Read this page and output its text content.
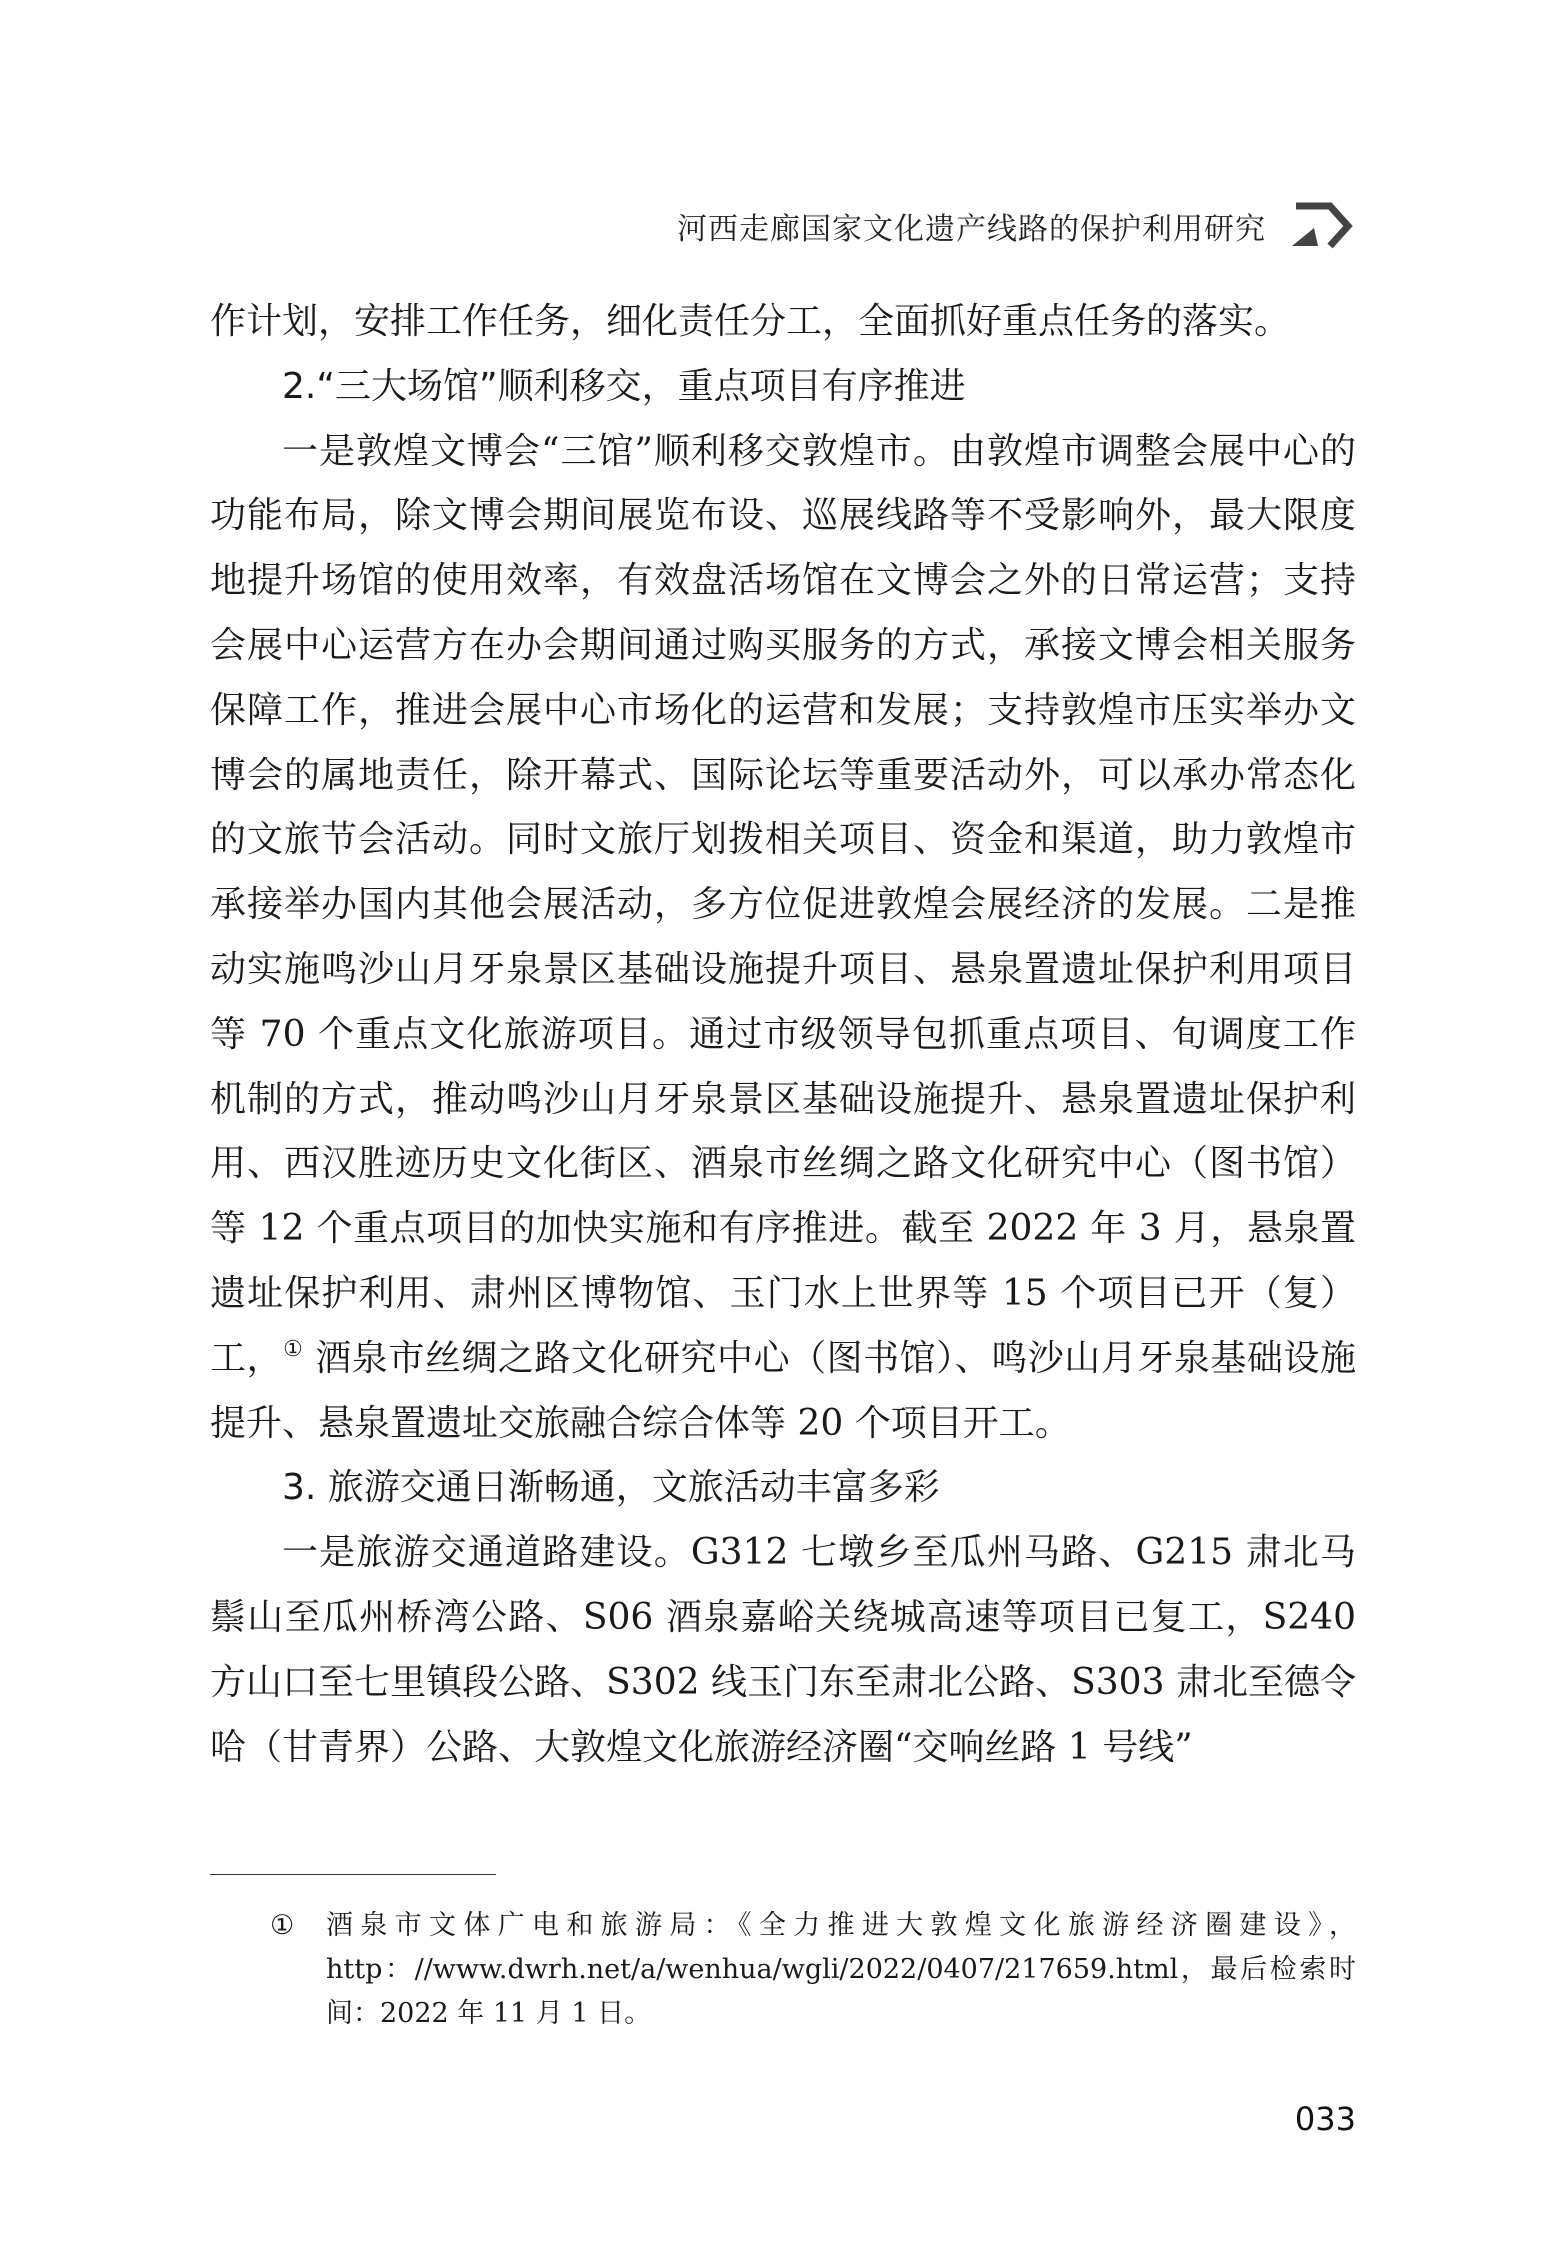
河西走廊国家文化遗产线路的保护利用研究

作计划，安排工作任务，细化责任分工，全面抓好重点任务的落实。

2.“三大场馆”顺利移交，重点项目有序推进

一是敦煌文博会“三馆”顺利移交敦煌市。由敦煌市调整会展中心的功能布局，除文博会期间展览布设、巡展线路等不受影响外，最大限度地提升场馆的使用效率，有效盘活场馆在文博会之外的日常运营；支持会展中心运营方在办会期间通过购买服务的方式，承接文博会相关服务保障工作，推进会展中心市场化的运营和发展；支持敦煌市压实举办文博会的属地责任，除开幕式、国际论坛等重要活动外，可以承办常态化的文旅节会活动。同时文旅厅划拨相关项目、资金和渠道，助力敦煌市承接举办国内其他会展活动，多方位促进敦煌会展经济的发展。二是推动实施鸣沙山月牙泉景区基础设施提升项目、悬泉置遗址保护利用项目等 70 个重点文化旅游项目。通过市级领导包抓重点项目、旬调度工作机制的方式，推动鸣沙山月牙泉景区基础设施提升、悬泉置遗址保护利用、西汉胜迹历史文化街区、酒泉市丝绸之路文化研究中心（图书馆）等 12 个重点项目的加快实施和有序推进。截至 2022 年 3 月，悬泉置遗址保护利用、肃州区博物馆、玉门水上世界等 15 个项目已开（复）工，① 酒泉市丝绸之路文化研究中心（图书馆）、鸣沙山月牙泉基础设施提升、悬泉置遗址交旅融合综合体等 20 个项目开工。

3. 旅游交通日渐畅通，文旅活动丰富多彩

一是旅游交通道路建设。G312 七墩乡至瓜州马路、G215 肃北马鬃山至瓜州桥湾公路、S06 酒泉嘉峪关绕城高速等项目已复工，S240 方山口至七里镇段公路、S302 线玉门东至肃北公路、S303 肃北至德令哈（甘青界）公路、大敦煌文化旅游经济圈“交响丝路 1 号线”

①	酒泉市文体广电和旅游局：《全力推进大敦煌文化旅游经济圈建设》，http：//www.dwrh.net/a/wenhua/wgli/2022/0407/217659.html，最后检索时间：2022 年 11 月 1 日。
033
